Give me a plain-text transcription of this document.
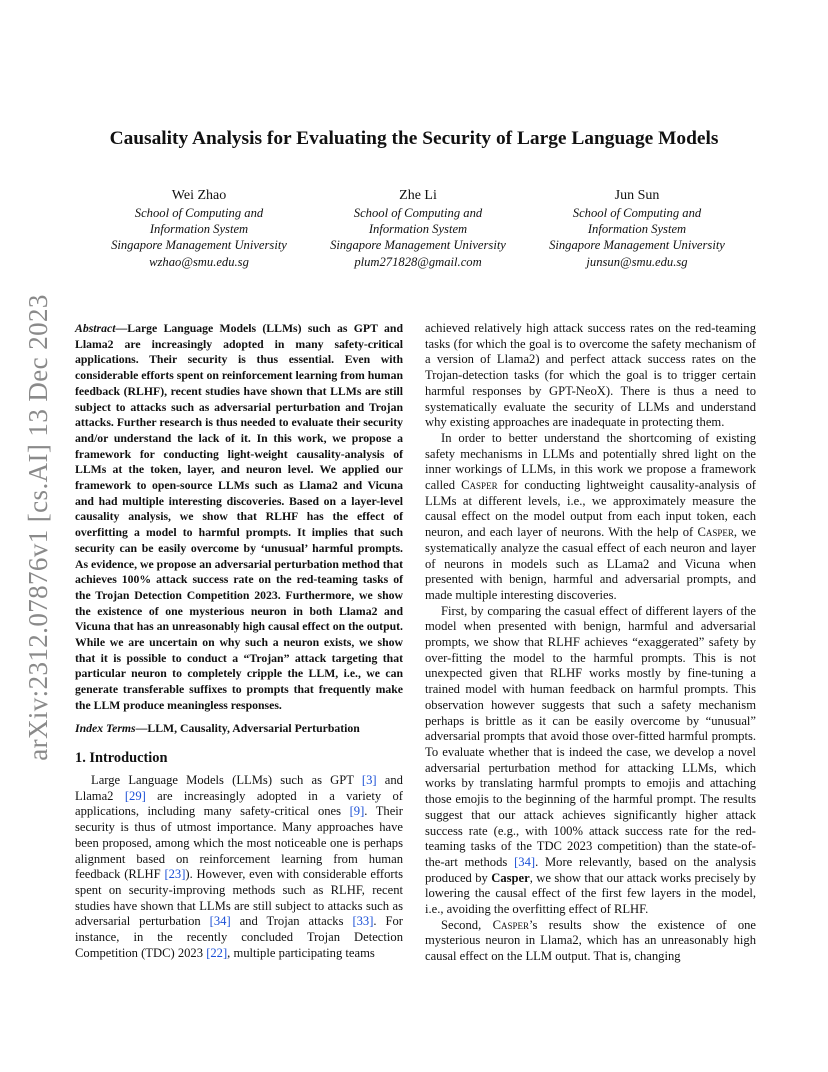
arXiv:2312.07876v1 [cs.AI] 13 Dec 2023
Causality Analysis for Evaluating the Security of Large Language Models
Wei Zhao
School of Computing and
Information System
Singapore Management University
wzhao@smu.edu.sg
Zhe Li
School of Computing and
Information System
Singapore Management University
plum271828@gmail.com
Jun Sun
School of Computing and
Information System
Singapore Management University
junsun@smu.edu.sg

Abstract—Large Language Models (LLMs) such as GPT and Llama2 are increasingly adopted in many safety-critical applications. Their security is thus essential. Even with considerable efforts spent on reinforcement learning from human feedback (RLHF), recent studies have shown that LLMs are still subject to attacks such as adversarial perturbation and Trojan attacks. Further research is thus needed to evaluate their security and/or understand the lack of it. In this work, we propose a framework for conducting light-weight causality-analysis of LLMs at the token, layer, and neuron level. We applied our framework to open-source LLMs such as Llama2 and Vicuna and had multiple interesting discoveries. Based on a layer-level causality analysis, we show that RLHF has the effect of overfitting a model to harmful prompts. It implies that such security can be easily overcome by ‘unusual’ harmful prompts. As evidence, we propose an adversarial perturbation method that achieves 100% attack success rate on the red-teaming tasks of the Trojan Detection Competition 2023. Furthermore, we show the existence of one mysterious neuron in both Llama2 and Vicuna that has an unreasonably high causal effect on the output. While we are uncertain on why such a neuron exists, we show that it is possible to conduct a “Trojan” attack targeting that particular neuron to completely cripple the LLM, i.e., we can generate transferable suffixes to prompts that frequently make the LLM produce meaningless responses.

Index Terms—LLM, Causality, Adversarial Perturbation

1. Introduction

Large Language Models (LLMs) such as GPT [3] and Llama2 [29] are increasingly adopted in a variety of applications, including many safety-critical ones [9]. Their security is thus of utmost importance. Many approaches have been proposed, among which the most noticeable one is perhaps alignment based on reinforcement learning from human feedback (RLHF [23]). However, even with considerable efforts spent on security-improving methods such as RLHF, recent studies have shown that LLMs are still subject to attacks such as adversarial perturbation [34] and Trojan attacks [33]. For instance, in the recently concluded Trojan Detection Competition (TDC) 2023 [22], multiple participating teams

achieved relatively high attack success rates on the red-teaming tasks (for which the goal is to overcome the safety mechanism of a version of Llama2) and perfect attack success rates on the Trojan-detection tasks (for which the goal is to trigger certain harmful responses by GPT-NeoX). There is thus a need to systematically evaluate the security of LLMs and understand why existing approaches are inadequate in protecting them.

In order to better understand the shortcoming of existing safety mechanisms in LLMs and potentially shred light on the inner workings of LLMs, in this work we propose a framework called Casper for conducting lightweight causality-analysis of LLMs at different levels, i.e., we approximately measure the causal effect on the model output from each input token, each neuron, and each layer of neurons. With the help of Casper, we systematically analyze the casual effect of each neuron and layer of neurons in models such as LLama2 and Vicuna when presented with benign, harmful and adversarial prompts, and made multiple interesting discoveries.

First, by comparing the casual effect of different layers of the model when presented with benign, harmful and adversarial prompts, we show that RLHF achieves “exaggerated” safety by over-fitting the model to the harmful prompts. This is not unexpected given that RLHF works mostly by fine-tuning a trained model with human feedback on harmful prompts. This observation however suggests that such a safety mechanism perhaps is brittle as it can be easily overcome by “unusual” adversarial prompts that avoid those over-fitted harmful prompts. To evaluate whether that is indeed the case, we develop a novel adversarial perturbation method for attacking LLMs, which works by translating harmful prompts to emojis and attaching those emojis to the beginning of the harmful prompt. The results suggest that our attack achieves significantly higher attack success rate (e.g., with 100% attack success rate for the red-teaming tasks of the TDC 2023 competition) than the state-of-the-art methods [34]. More relevantly, based on the analysis produced by Casper, we show that our attack works precisely by lowering the causal effect of the first few layers in the model, i.e., avoiding the overfitting effect of RLHF.

Second, Casper’s results show the existence of one mysterious neuron in Llama2, which has an unreasonably high causal effect on the LLM output. That is, changing
